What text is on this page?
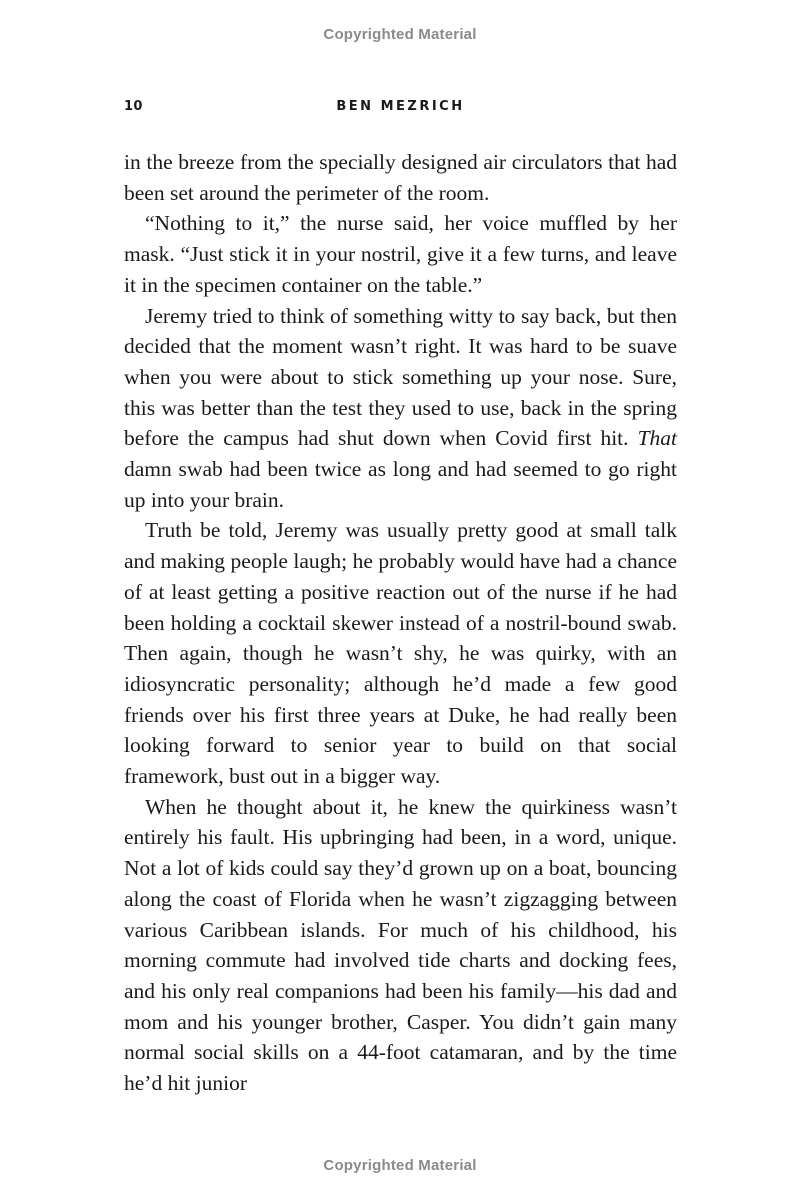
Copyrighted Material
10	BEN MEZRICH

in the breeze from the specially designed air circulators that had been set around the perimeter of the room.

“Nothing to it,” the nurse said, her voice muffled by her mask. “Just stick it in your nostril, give it a few turns, and leave it in the specimen container on the table.”

Jeremy tried to think of something witty to say back, but then decided that the moment wasn’t right. It was hard to be suave when you were about to stick something up your nose. Sure, this was better than the test they used to use, back in the spring before the campus had shut down when Covid first hit. That damn swab had been twice as long and had seemed to go right up into your brain.

Truth be told, Jeremy was usually pretty good at small talk and making people laugh; he probably would have had a chance of at least getting a positive reaction out of the nurse if he had been holding a cocktail skewer instead of a nostril-bound swab. Then again, though he wasn’t shy, he was quirky, with an idiosyncratic personality; although he’d made a few good friends over his first three years at Duke, he had really been looking forward to senior year to build on that social framework, bust out in a bigger way.

When he thought about it, he knew the quirkiness wasn’t entirely his fault. His upbringing had been, in a word, unique. Not a lot of kids could say they’d grown up on a boat, bouncing along the coast of Florida when he wasn’t zigzagging between various Caribbean islands. For much of his childhood, his morning commute had involved tide charts and docking fees, and his only real companions had been his family—his dad and mom and his younger brother, Casper. You didn’t gain many normal social skills on a 44-foot catamaran, and by the time he’d hit junior

Copyrighted Material
